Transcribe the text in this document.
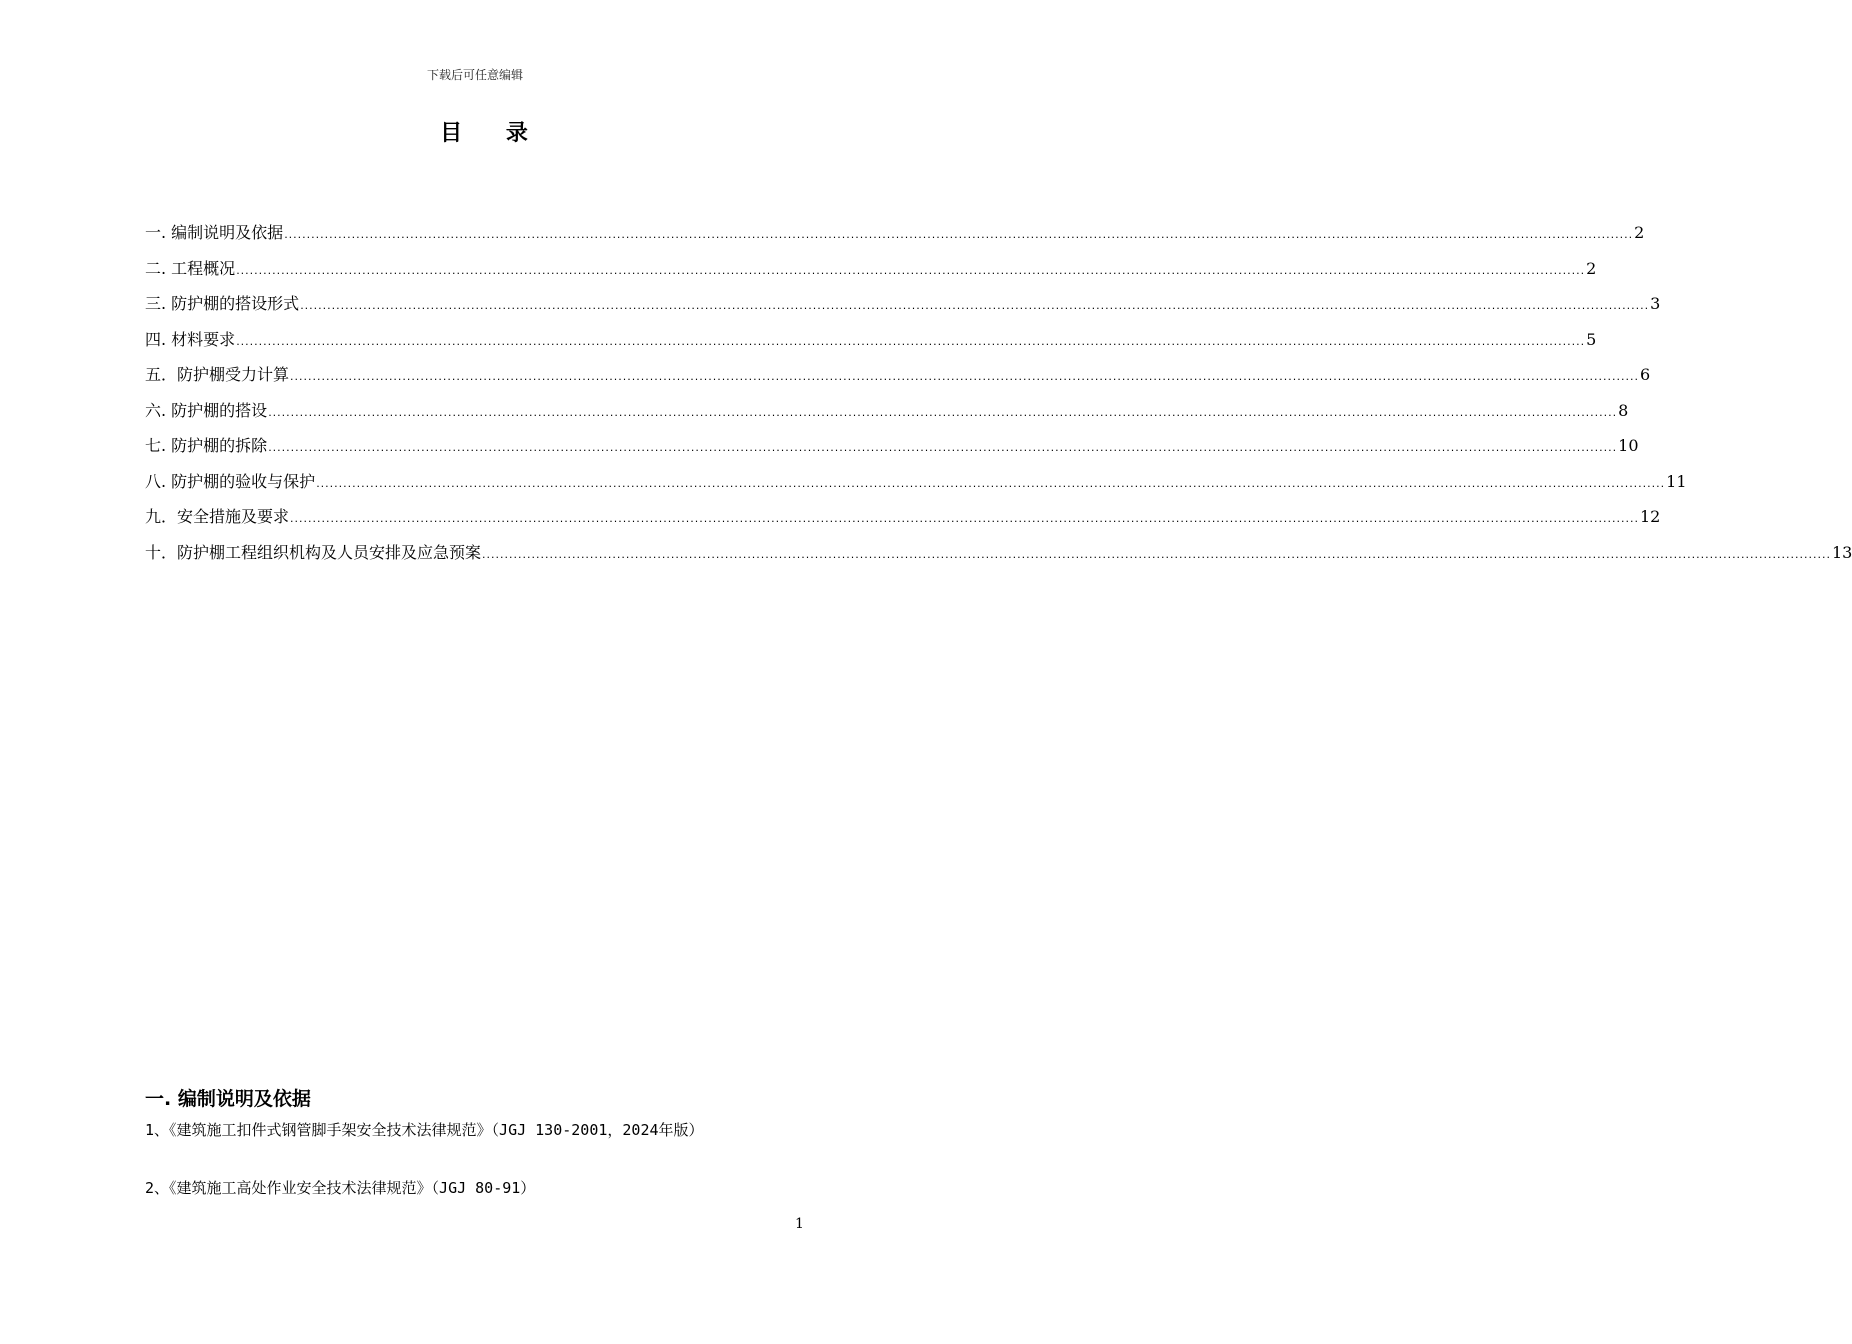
下载后可任意编辑
目 录
一. 编制说明及依据 ............................................................................................................................................................................................................................................................................................................ 2
二. 工程概况 ............................................................................................................................................................................................................................................................................................................ 2
三. 防护棚的搭设形式 ............................................................................................................................................................................................................................................................................................................ 3
四. 材料要求 ............................................................................................................................................................................................................................................................................................................ 5
五．防护棚受力计算 ............................................................................................................................................................................................................................................................................................................ 6
六. 防护棚的搭设 ............................................................................................................................................................................................................................................................................................................ 8
七. 防护棚的拆除 ............................................................................................................................................................................................................................................................................................................ 10
八. 防护棚的验收与保护 ............................................................................................................................................................................................................................................................................................................ 11
九．安全措施及要求 ............................................................................................................................................................................................................................................................................................................ 12
十．防护棚工程组织机构及人员安排及应急预案 ............................................................................................................................................................................................................................................................................................................ 13
一. 编制说明及依据
1、《建筑施工扣件式钢管脚手架安全技术法律规范》（JGJ 130-2001，2024年版）
2、《建筑施工高处作业安全技术法律规范》（JGJ 80-91）
1
